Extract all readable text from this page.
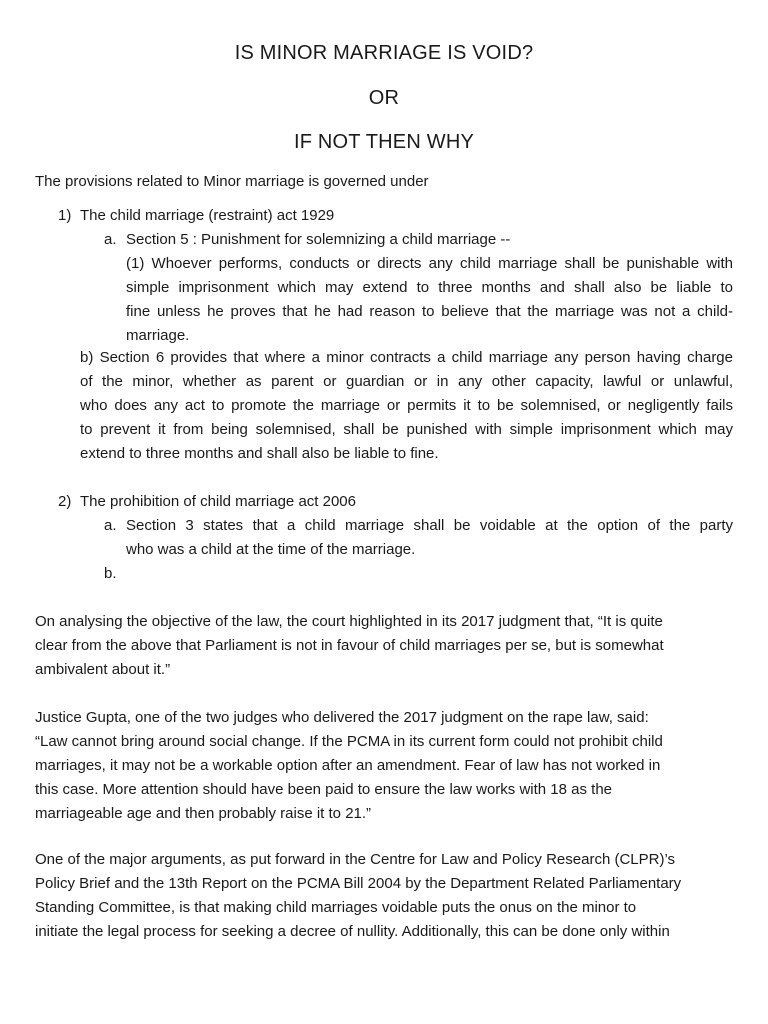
IS MINOR MARRIAGE IS VOID?
OR
IF NOT THEN WHY

The provisions related to Minor marriage is governed under

1) The child marriage (restraint) act 1929
a. Section 5 : Punishment for solemnizing a child marriage --
(1) Whoever performs, conducts or directs any child marriage shall be punishable with
simple imprisonment which may extend to three months and shall also be liable to
fine unless he proves that he had reason to believe that the marriage was not a child-
marriage.
b) Section 6 provides that where a minor contracts a child marriage any person having charge
of the minor, whether as parent or guardian or in any other capacity, lawful or unlawful,
who does any act to promote the marriage or permits it to be solemnised, or negligently fails
to prevent it from being solemnised, shall be punished with simple imprisonment which may
extend to three months and shall also be liable to fine.
2) The prohibition of child marriage act 2006
a. Section 3 states that a child marriage shall be voidable at the option of the party
who was a child at the time of the marriage.
b.
On analysing the objective of the law, the court highlighted in its 2017 judgment that, “It is quite
clear from the above that Parliament is not in favour of child marriages per se, but is somewhat
ambivalent about it.”
Justice Gupta, one of the two judges who delivered the 2017 judgment on the rape law, said:
“Law cannot bring around social change. If the PCMA in its current form could not prohibit child
marriages, it may not be a workable option after an amendment. Fear of law has not worked in
this case. More attention should have been paid to ensure the law works with 18 as the
marriageable age and then probably raise it to 21.”
One of the major arguments, as put forward in the Centre for Law and Policy Research (CLPR)’s
Policy Brief and the 13th Report on the PCMA Bill 2004 by the Department Related Parliamentary
Standing Committee, is that making child marriages voidable puts the onus on the minor to
initiate the legal process for seeking a decree of nullity. Additionally, this can be done only within
